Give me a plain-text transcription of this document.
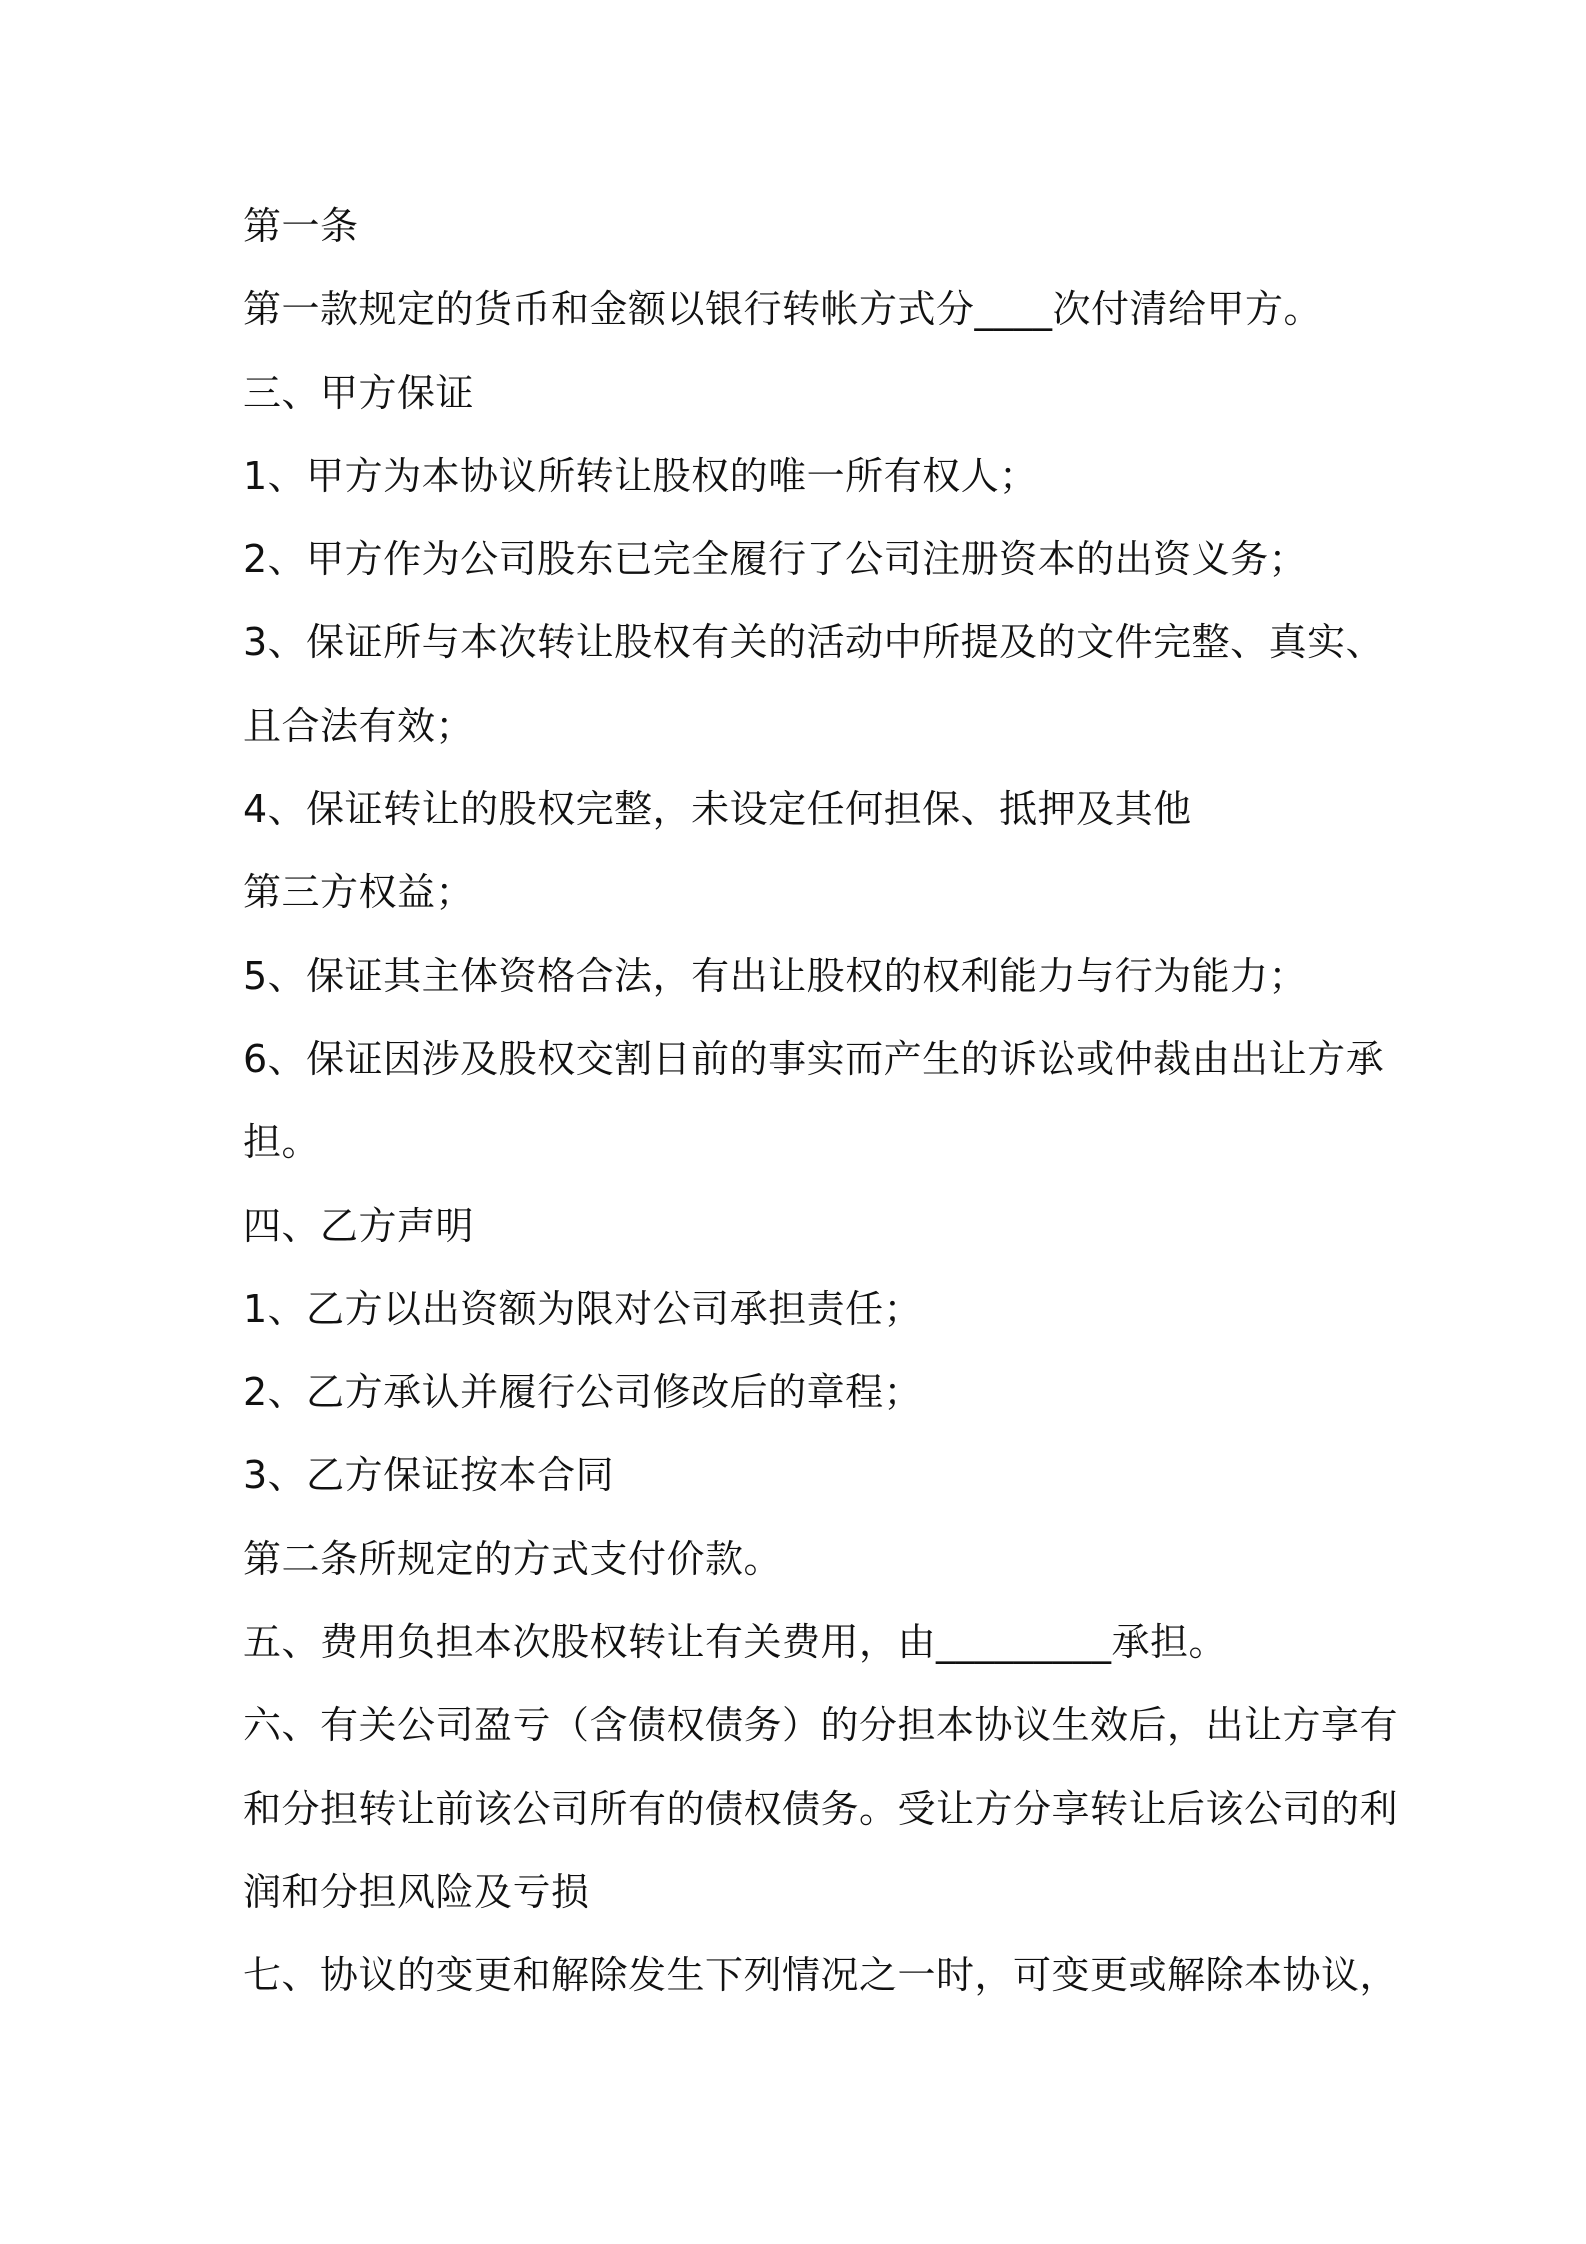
第一条
第一款规定的货币和金额以银行转帐方式分____次付清给甲方。
三、甲方保证
1、甲方为本协议所转让股权的唯一所有权人；
2、甲方作为公司股东已完全履行了公司注册资本的出资义务；
3、保证所与本次转让股权有关的活动中所提及的文件完整、真实、
且合法有效；
4、保证转让的股权完整，未设定任何担保、抵押及其他
第三方权益；
5、保证其主体资格合法，有出让股权的权利能力与行为能力；
6、保证因涉及股权交割日前的事实而产生的诉讼或仲裁由出让方承
担。
四、乙方声明
1、乙方以出资额为限对公司承担责任；
2、乙方承认并履行公司修改后的章程；
3、乙方保证按本合同
第二条所规定的方式支付价款。
五、费用负担本次股权转让有关费用，由_________承担。
六、有关公司盈亏（含债权债务）的分担本协议生效后，出让方享有
和分担转让前该公司所有的债权债务。受让方分享转让后该公司的利
润和分担风险及亏损
七、协议的变更和解除发生下列情况之一时，可变更或解除本协议，
